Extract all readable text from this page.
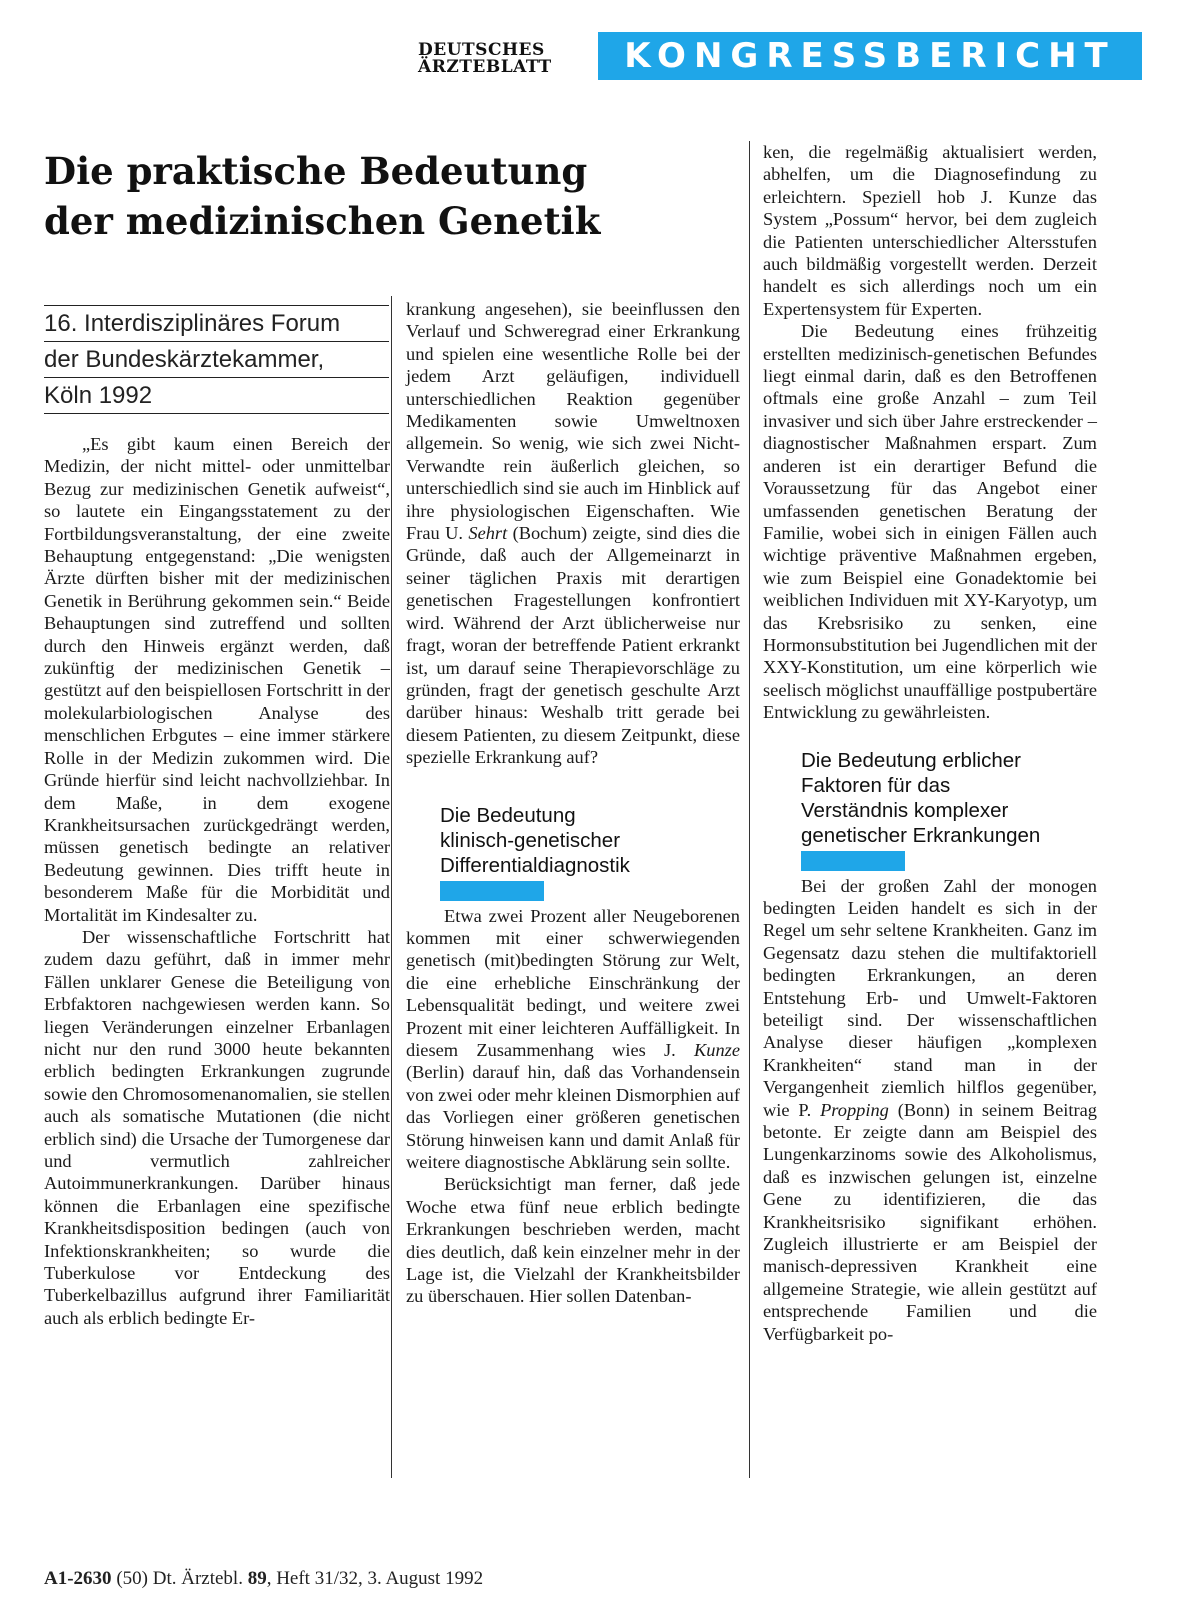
DEUTSCHES
ÄRZTEBLATT	KONGRESSBERICHT
Die praktische Bedeutung
der medizinischen Genetik
16. Interdisziplinäres Forum
der Bundeskärztekammer,
Köln 1992

„Es gibt kaum einen Bereich der Medizin, der nicht mittel- oder unmittelbar Bezug zur medizinischen Genetik aufweist“, so lautete ein Eingangsstatement zu der Fortbildungsveranstaltung, der eine zweite Behauptung entgegenstand: „Die wenigsten Ärzte dürften bisher mit der medizinischen Genetik in Berührung gekommen sein.“ Beide Behauptungen sind zutreffend und sollten durch den Hinweis ergänzt werden, daß zukünftig der medizinischen Genetik – gestützt auf den beispiellosen Fortschritt in der molekularbiologischen Analyse des menschlichen Erbgutes – eine immer stärkere Rolle in der Medizin zukommen wird. Die Gründe hierfür sind leicht nachvollziehbar. In dem Maße, in dem exogene Krankheitsursachen zurückgedrängt werden, müssen genetisch bedingte an relativer Bedeutung gewinnen. Dies trifft heute in besonderem Maße für die Morbidität und Mortalität im Kindesalter zu.

Der wissenschaftliche Fortschritt hat zudem dazu geführt, daß in immer mehr Fällen unklarer Genese die Beteiligung von Erbfaktoren nachgewiesen werden kann. So liegen Veränderungen einzelner Erbanlagen nicht nur den rund 3000 heute bekannten erblich bedingten Erkrankungen zugrunde sowie den Chromosomenanomalien, sie stellen auch als somatische Mutationen (die nicht erblich sind) die Ursache der Tumorgenese dar und vermutlich zahlreicher Autoimmunerkrankungen. Darüber hinaus können die Erbanlagen eine spezifische Krankheitsdisposition bedingen (auch von Infektionskrankheiten; so wurde die Tuberkulose vor Entdeckung des Tuberkelbazillus aufgrund ihrer Familiarität auch als erblich bedingte Er-

krankung angesehen), sie beeinflussen den Verlauf und Schweregrad einer Erkrankung und spielen eine wesentliche Rolle bei der jedem Arzt geläufigen, individuell unterschiedlichen Reaktion gegenüber Medikamenten sowie Umweltnoxen allgemein. So wenig, wie sich zwei Nicht-Verwandte rein äußerlich gleichen, so unterschiedlich sind sie auch im Hinblick auf ihre physiologischen Eigenschaften. Wie Frau U. Sehrt (Bochum) zeigte, sind dies die Gründe, daß auch der Allgemeinarzt in seiner täglichen Praxis mit derartigen genetischen Fragestellungen konfrontiert wird. Während der Arzt üblicherweise nur fragt, woran der betreffende Patient erkrankt ist, um darauf seine Therapievorschläge zu gründen, fragt der genetisch geschulte Arzt darüber hinaus: Weshalb tritt gerade bei diesem Patienten, zu diesem Zeitpunkt, diese spezielle Erkrankung auf?

Die Bedeutung
klinisch-genetischer
Differentialdiagnostik

Etwa zwei Prozent aller Neugeborenen kommen mit einer schwerwiegenden genetisch (mit)bedingten Störung zur Welt, die eine erhebliche Einschränkung der Lebensqualität bedingt, und weitere zwei Prozent mit einer leichteren Auffälligkeit. In diesem Zusammenhang wies J. Kunze (Berlin) darauf hin, daß das Vorhandensein von zwei oder mehr kleinen Dismorphien auf das Vorliegen einer größeren genetischen Störung hinweisen kann und damit Anlaß für weitere diagnostische Abklärung sein sollte.

Berücksichtigt man ferner, daß jede Woche etwa fünf neue erblich bedingte Erkrankungen beschrieben werden, macht dies deutlich, daß kein einzelner mehr in der Lage ist, die Vielzahl der Krankheitsbilder zu überschauen. Hier sollen Datenban-

ken, die regelmäßig aktualisiert werden, abhelfen, um die Diagnosefindung zu erleichtern. Speziell hob J. Kunze das System „Possum“ hervor, bei dem zugleich die Patienten unterschiedlicher Altersstufen auch bildmäßig vorgestellt werden. Derzeit handelt es sich allerdings noch um ein Expertensystem für Experten.

Die Bedeutung eines frühzeitig erstellten medizinisch-genetischen Befundes liegt einmal darin, daß es den Betroffenen oftmals eine große Anzahl – zum Teil invasiver und sich über Jahre erstreckender – diagnostischer Maßnahmen erspart. Zum anderen ist ein derartiger Befund die Voraussetzung für das Angebot einer umfassenden genetischen Beratung der Familie, wobei sich in einigen Fällen auch wichtige präventive Maßnahmen ergeben, wie zum Beispiel eine Gonadektomie bei weiblichen Individuen mit XY-Karyotyp, um das Krebsrisiko zu senken, eine Hormonsubstitution bei Jugendlichen mit der XXY-Konstitution, um eine körperlich wie seelisch möglichst unauffällige postpubertäre Entwicklung zu gewährleisten.

Die Bedeutung erblicher
Faktoren für das
Verständnis komplexer
genetischer Erkrankungen

Bei der großen Zahl der monogen bedingten Leiden handelt es sich in der Regel um sehr seltene Krankheiten. Ganz im Gegensatz dazu stehen die multifaktoriell bedingten Erkrankungen, an deren Entstehung Erb- und Umwelt-Faktoren beteiligt sind. Der wissenschaftlichen Analyse dieser häufigen „komplexen Krankheiten“ stand man in der Vergangenheit ziemlich hilflos gegenüber, wie P. Propping (Bonn) in seinem Beitrag betonte. Er zeigte dann am Beispiel des Lungenkarzinoms sowie des Alkoholismus, daß es inzwischen gelungen ist, einzelne Gene zu identifizieren, die das Krankheitsrisiko signifikant erhöhen. Zugleich illustrierte er am Beispiel der manisch-depressiven Krankheit eine allgemeine Strategie, wie allein gestützt auf entsprechende Familien und die Verfügbarkeit po-

A1-2630 (50) Dt. Ärztebl. 89, Heft 31/32, 3. August 1992
